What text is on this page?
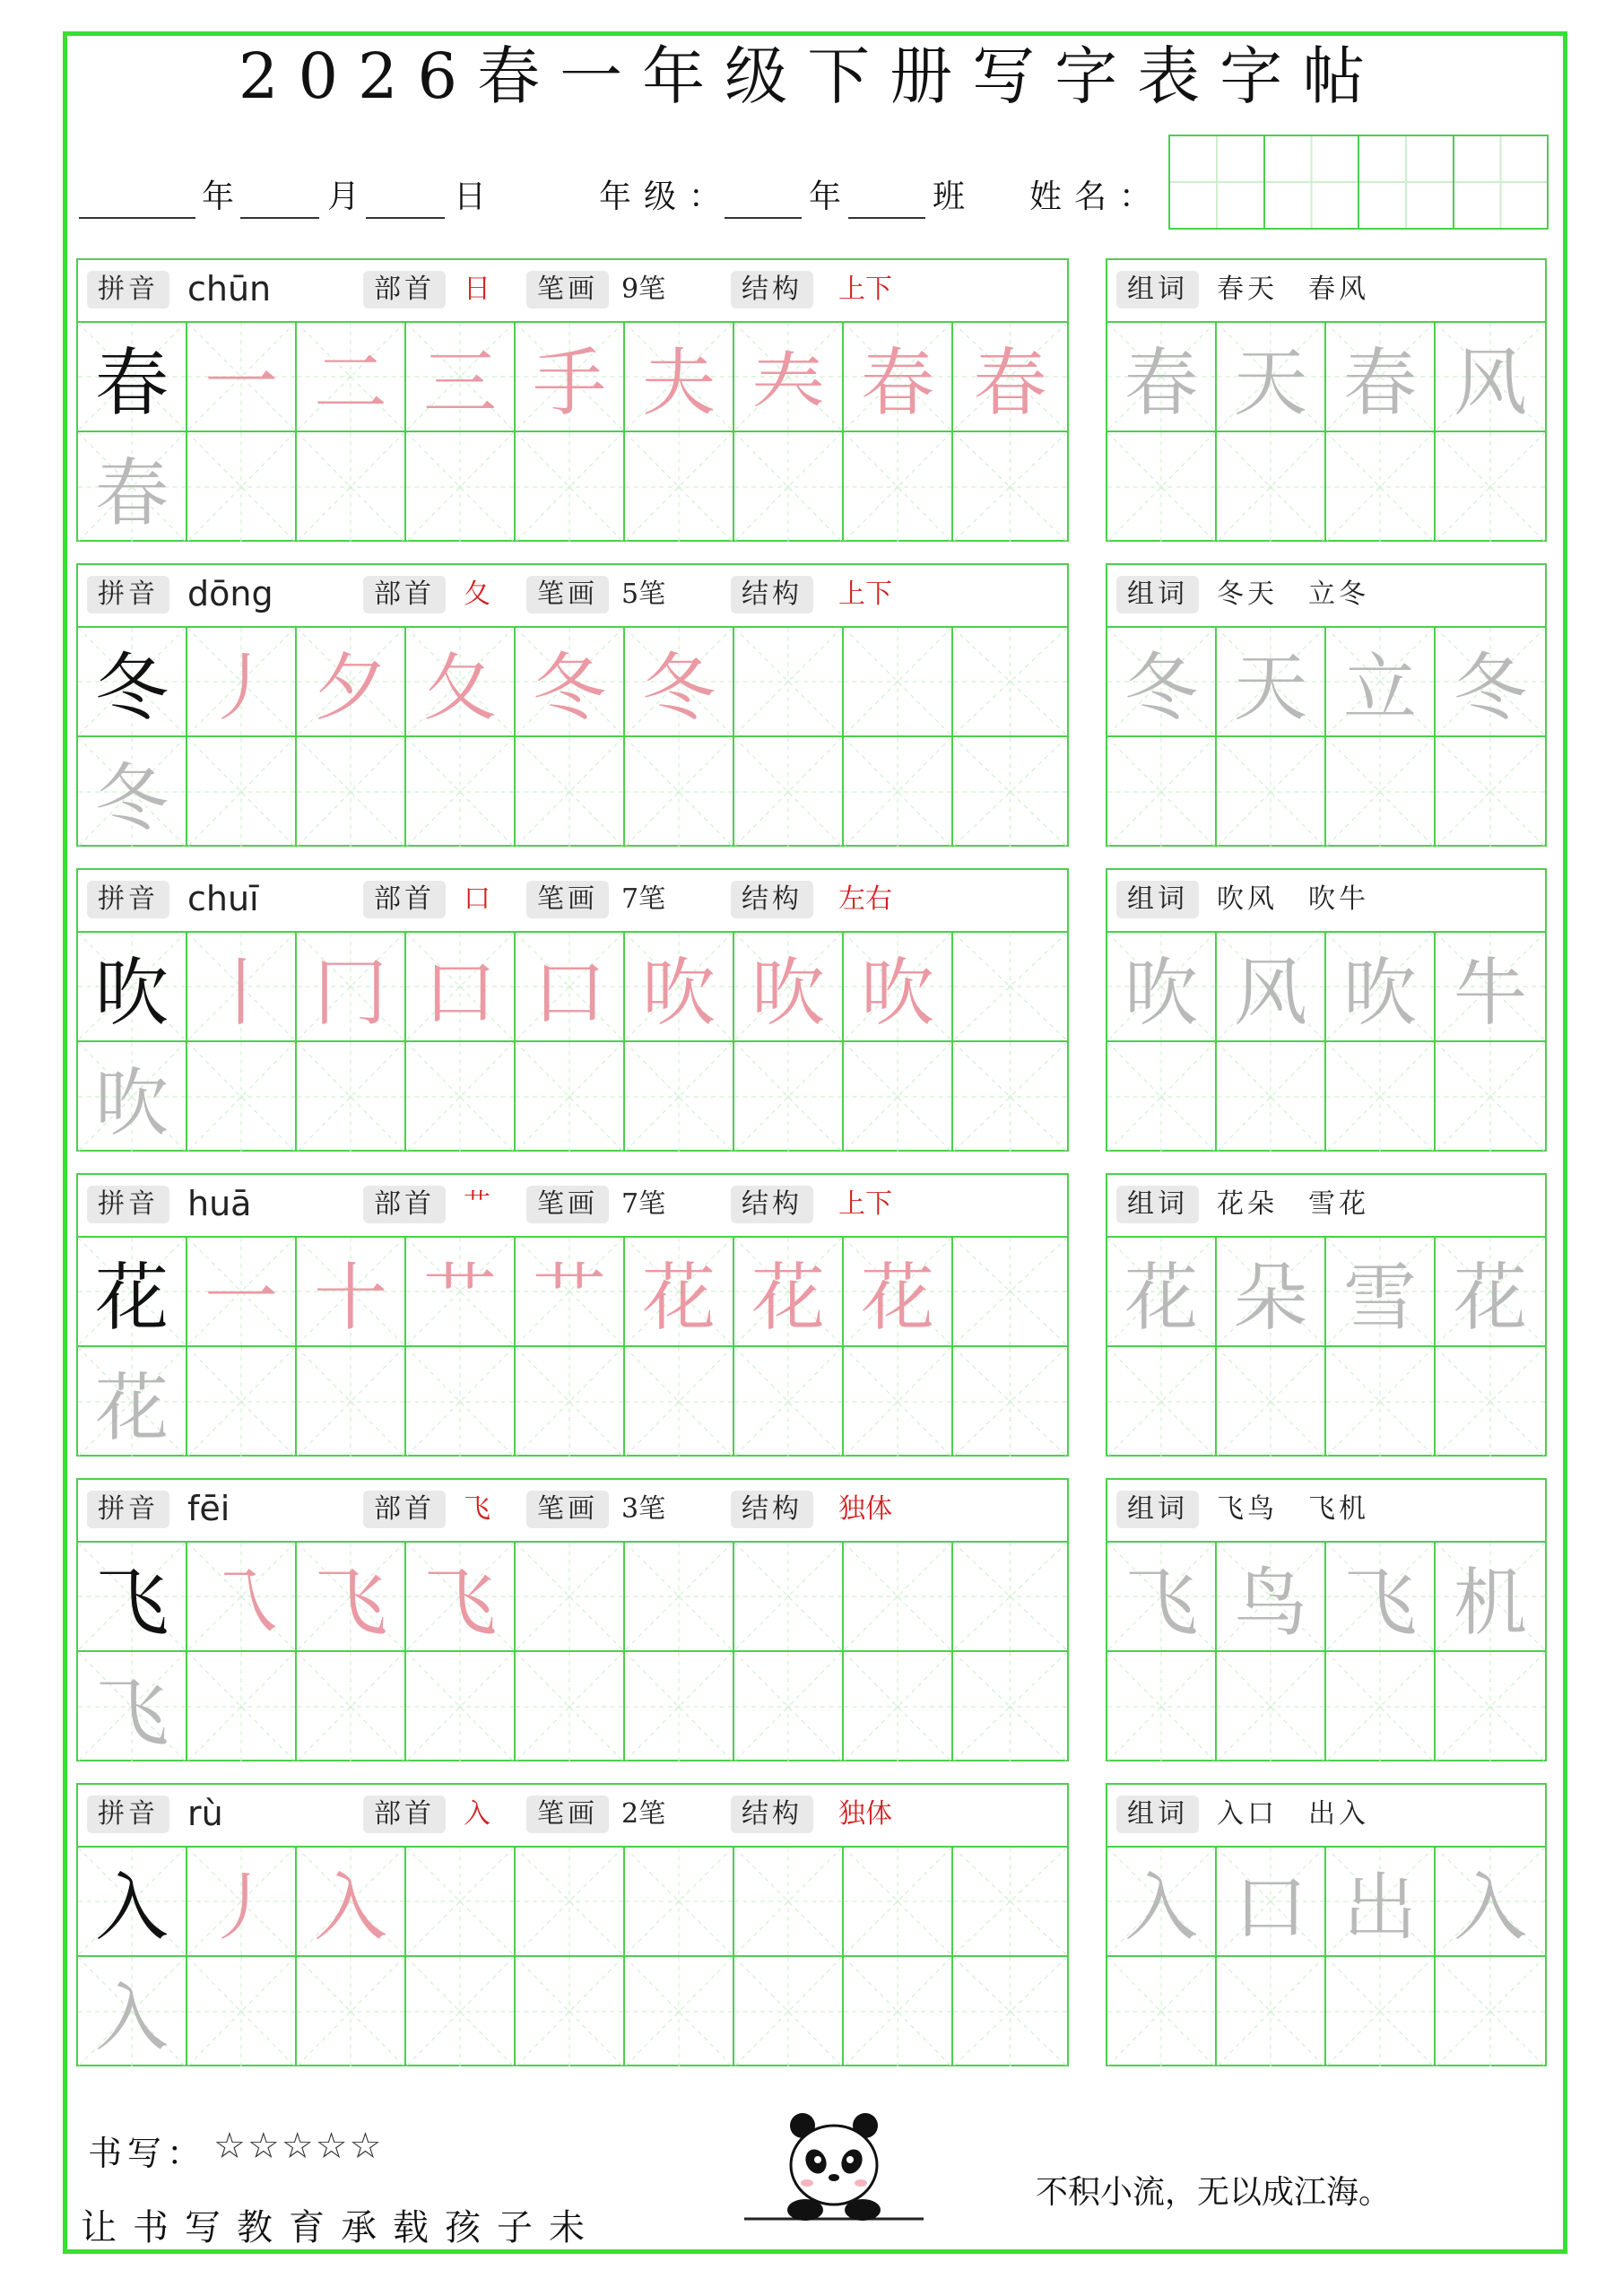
2026春一年级下册写字表字帖
年	月	日	年级： 年	班 姓名：
拼音 chūn	部首	日	笔画 9笔	结构	上下
春 一 二 三 手 夫 𡗗 春 春
春
组词	春天　春风
春 天 春 风
拼音 dōng	部首	夂	笔画 5笔	结构	上下
冬 丿 夕 夂 冬 冬
冬
组词	冬天　立冬
冬 天 立 冬
拼音 chuī	部首	口	笔画 7笔	结构	左右
吹 丨 冂 口 口 吹 吹 吹
吹
组词	吹风　吹牛
吹 风 吹 牛
拼音 huā	部首	艹	笔画 7笔	结构	上下
花 一 十 艹 艹 花 花 花
花
组词	花朵　雪花
花 朵 雪 花
拼音 fēi	部首	飞	笔画 3笔	结构	独体
飞 乁 飞 飞
飞
组词	飞鸟　飞机
飞 鸟 飞 机
拼音 rù	部首	入	笔画 2笔	结构	独体
入 丿 入
入
组词	入口　出入
入 口 出 入
书写： ☆☆☆☆☆
让书写教育承载孩子未
不积小流，无以成江海。
